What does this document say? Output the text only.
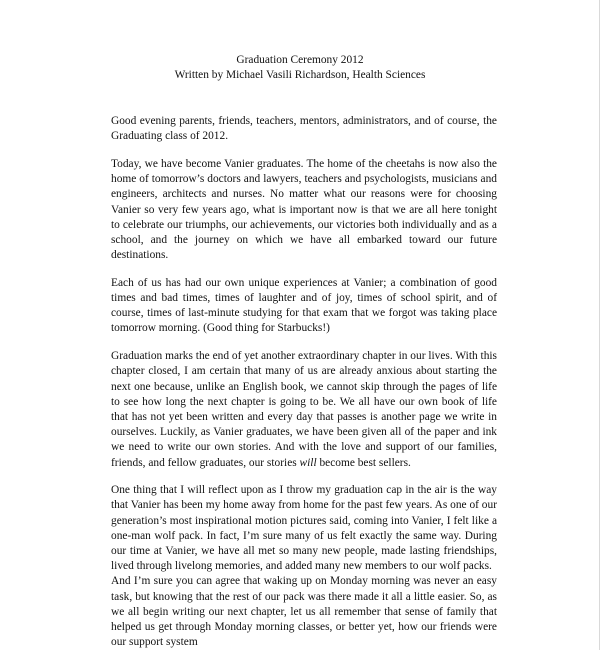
Graduation Ceremony 2012
Written by Michael Vasili Richardson, Health Sciences

Good evening parents, friends, teachers, mentors, administrators, and of course, the Graduating class of 2012.

Today, we have become Vanier graduates. The home of the cheetahs is now also the home of tomorrow’s doctors and lawyers, teachers and psychologists, musicians and engineers, architects and nurses. No matter what our reasons were for choosing Vanier so very few years ago, what is important now is that we are all here tonight to celebrate our triumphs, our achievements, our victories both individually and as a school, and the journey on which we have all embarked toward our future destinations.

Each of us has had our own unique experiences at Vanier; a combination of good times and bad times, times of laughter and of joy, times of school spirit, and of course, times of last-minute studying for that exam that we forgot was taking place tomorrow morning. (Good thing for Starbucks!)

Graduation marks the end of yet another extraordinary chapter in our lives. With this chapter closed, I am certain that many of us are already anxious about starting the next one because, unlike an English book, we cannot skip through the pages of life to see how long the next chapter is going to be. We all have our own book of life that has not yet been written and every day that passes is another page we write in ourselves. Luckily, as Vanier graduates, we have been given all of the paper and ink we need to write our own stories. And with the love and support of our families, friends, and fellow graduates, our stories will become best sellers.

One thing that I will reflect upon as I throw my graduation cap in the air is the way that Vanier has been my home away from home for the past few years. As one of our generation’s most inspirational motion pictures said, coming into Vanier, I felt like a one-man wolf pack. In fact, I’m sure many of us felt exactly the same way. During our time at Vanier, we have all met so many new people, made lasting friendships, lived through livelong memories, and added many new members to our wolf packs.

And I’m sure you can agree that waking up on Monday morning was never an easy task, but knowing that the rest of our pack was there made it all a little easier. So, as we all begin writing our next chapter, let us all remember that sense of family that helped us get through Monday morning classes, or better yet, how our friends were our support system
